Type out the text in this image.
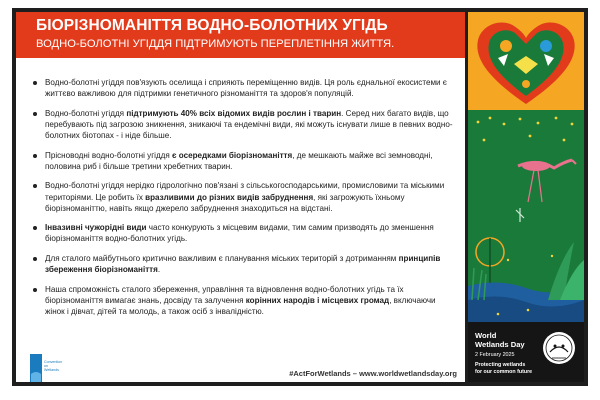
БІОРІЗНОМАНІТТЯ ВОДНО-БОЛОТНИХ УГІДЬ
ВОДНО-БОЛОТНІ УГІДДЯ ПІДТРИМУЮТЬ ПЕРЕПЛЕТІННЯ ЖИТТЯ.
Водно-болотні угіддя пов'язують оселища і сприяють переміщенню видів. Ця роль єднальної екосистеми є життєво важливою для підтримки генетичного різноманіття та здоров'я популяцій.
Водно-болотні угіддя підтримують 40% всіх відомих видів рослин і тварин. Серед них багато видів, що перебувають під загрозою зникнення, зникаючі та ендемічні види, які можуть існувати лише в певних водно-болотних біотопах - і ніде більше.
Прісноводні водно-болотні угіддя є осередками біорізноманіття, де мешкають майже всі земноводні, половина риб і більше третини хребетних тварин.
Водно-болотні угіддя нерідко гідрологічно пов'язані з сільськогосподарськими, промисловими та міськими територіями. Це робить їх вразливими до різних видів забруднення, які загрожують їхньому біорізноманіттю, навіть якщо джерело забруднення знаходиться на відстані.
Інвазивні чужорідні види часто конкурують з місцевим видами, тим самим призводять до зменшення біорізноманіття водно-болотних угідь.
Для сталого майбутнього критично важливим є планування міських територій з дотриманням принципів збереження біорізноманіття.
Наша спроможність сталого збереження, управління та відновлення водно-болотних угідь та їх біорізноманіття вимагає знань, досвіду та залучення корінних народів і місцевих громад, включаючи жінок і дівчат, дітей та молодь, а також осіб з інвалідністю.
Convention on Wetlands	#ActForWetlands – www.worldwetlandsday.org
World
Wetlands Day
2 February 2025
Protecting wetlands
for our common future
